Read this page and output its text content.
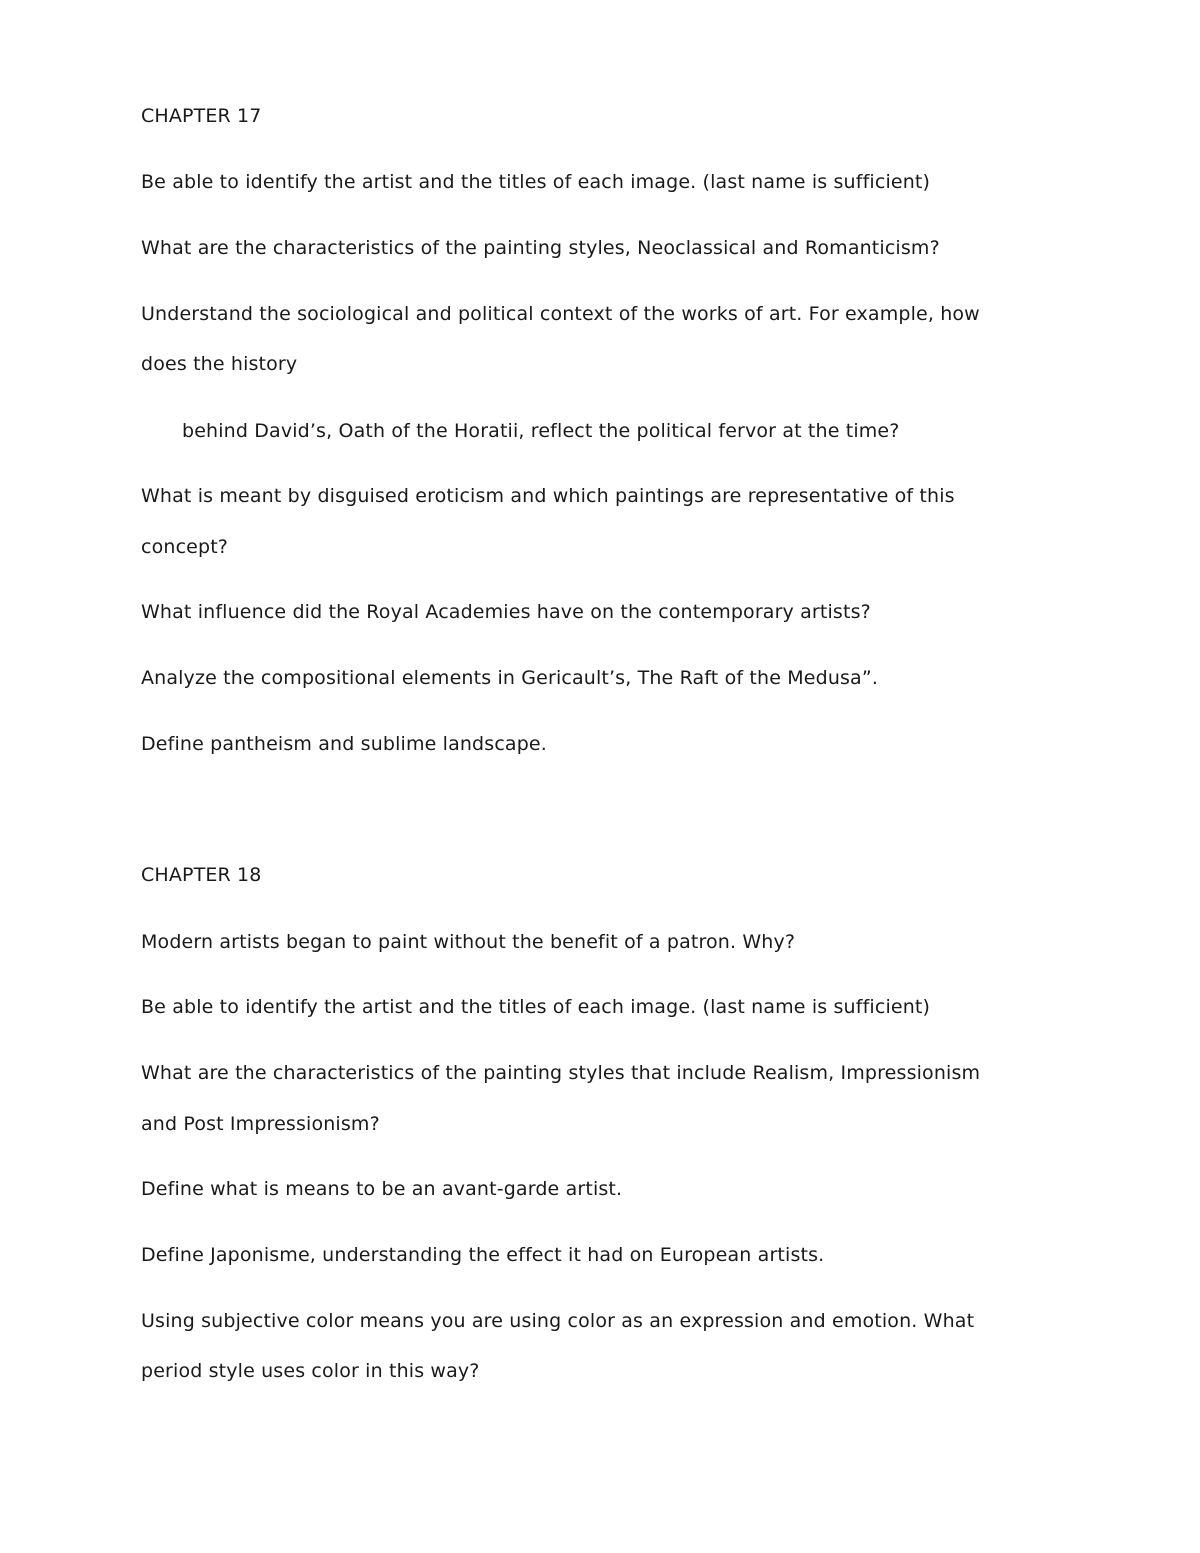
CHAPTER 17
Be able to identify the artist and the titles of each image. (last name is sufficient)
What are the characteristics of the painting styles, Neoclassical and Romanticism?
Understand the sociological and political context of the works of art. For example, how
does the history
behind David’s, Oath of the Horatii, reflect the political fervor at the time?
What is meant by disguised eroticism and which paintings are representative of this
concept?
What influence did the Royal Academies have on the contemporary artists?
Analyze the compositional elements in Gericault’s, The Raft of the Medusa”.
Define pantheism and sublime landscape.
CHAPTER 18
Modern artists began to paint without the benefit of a patron. Why?
Be able to identify the artist and the titles of each image. (last name is sufficient)
What are the characteristics of the painting styles that include Realism, Impressionism
and Post Impressionism?
Define what is means to be an avant-garde artist.
Define Japonisme, understanding the effect it had on European artists.
Using subjective color means you are using color as an expression and emotion. What
period style uses color in this way?
